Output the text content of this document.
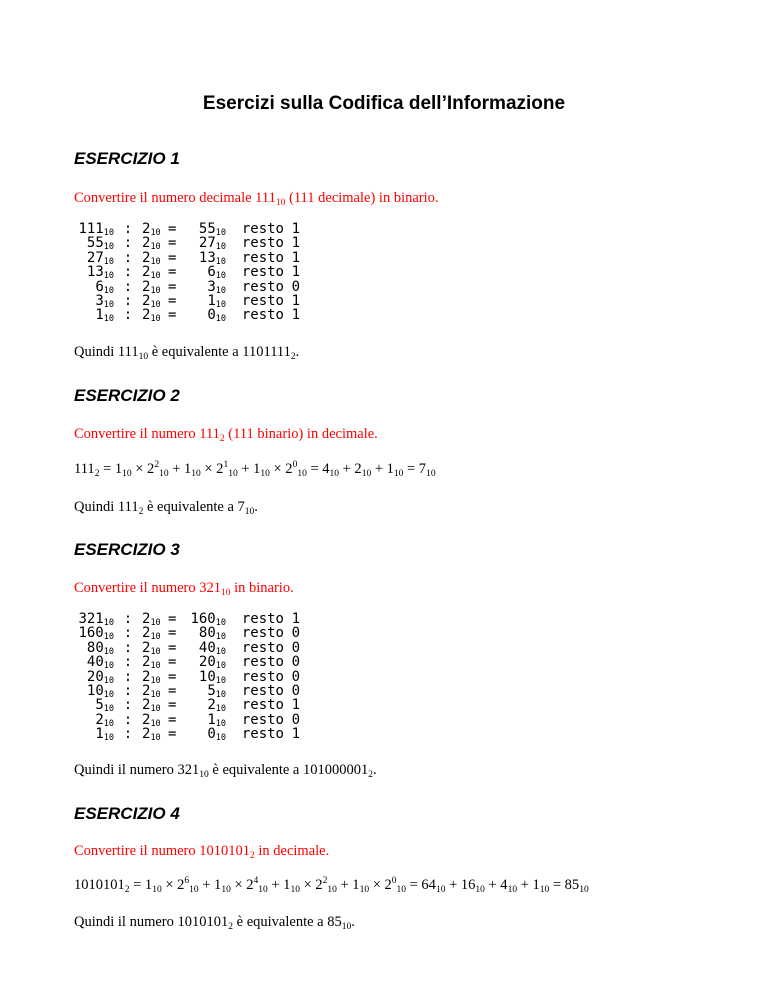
Esercizi sulla Codifica dell’Informazione
ESERCIZIO 1
Convertire il numero decimale $111_{10}$ (111 decimale) in binario.
$111_{10}$ : $2_{10} = 55_{10}$ resto 1
$55_{10}$ : $2_{10} = 27_{10}$ resto 1
$27_{10}$ : $2_{10} = 13_{10}$ resto 1
$13_{10}$ : $2_{10} = 6_{10}$ resto 1
$6_{10}$ : $2_{10} = 3_{10}$ resto 0
$3_{10}$ : $2_{10} = 1_{10}$ resto 1
$1_{10}$ : $2_{10} = 0_{10}$ resto 1
Quindi $111_{10}$ è equivalente a $1101111_2$.
ESERCIZIO 2
Convertire il numero $111_2$ (111 binario) in decimale.
$111_2 = 1_{10} \times 2^2_{10} + 1_{10} \times 2^1_{10} + 1_{10} \times 2^0_{10} = 4_{10} + 2_{10} + 1_{10} = 7_{10}$
Quindi $111_2$ è equivalente a $7_{10}$.
ESERCIZIO 3
Convertire il numero $321_{10}$ in binario.
$321_{10}$ : $2_{10} = 160_{10}$ resto 1
$160_{10}$ : $2_{10} = 80_{10}$ resto 0
$80_{10}$ : $2_{10} = 40_{10}$ resto 0
$40_{10}$ : $2_{10} = 20_{10}$ resto 0
$20_{10}$ : $2_{10} = 10_{10}$ resto 0
$10_{10}$ : $2_{10} = 5_{10}$ resto 0
$5_{10}$ : $2_{10} = 2_{10}$ resto 1
$2_{10}$ : $2_{10} = 1_{10}$ resto 0
$1_{10}$ : $2_{10} = 0_{10}$ resto 1
Quindi il numero $321_{10}$ è equivalente a $101000001_2$.
ESERCIZIO 4
Convertire il numero $1010101_2$ in decimale.
$1010101_2 = 1_{10} \times 2^6_{10} + 1_{10} \times 2^4_{10} + 1_{10} \times 2^2_{10} + 1_{10} \times 2^0_{10} = 64_{10} + 16_{10} + 4_{10} + 1_{10} = 85_{10}$
Quindi il numero $1010101_2$ è equivalente a $85_{10}$.
